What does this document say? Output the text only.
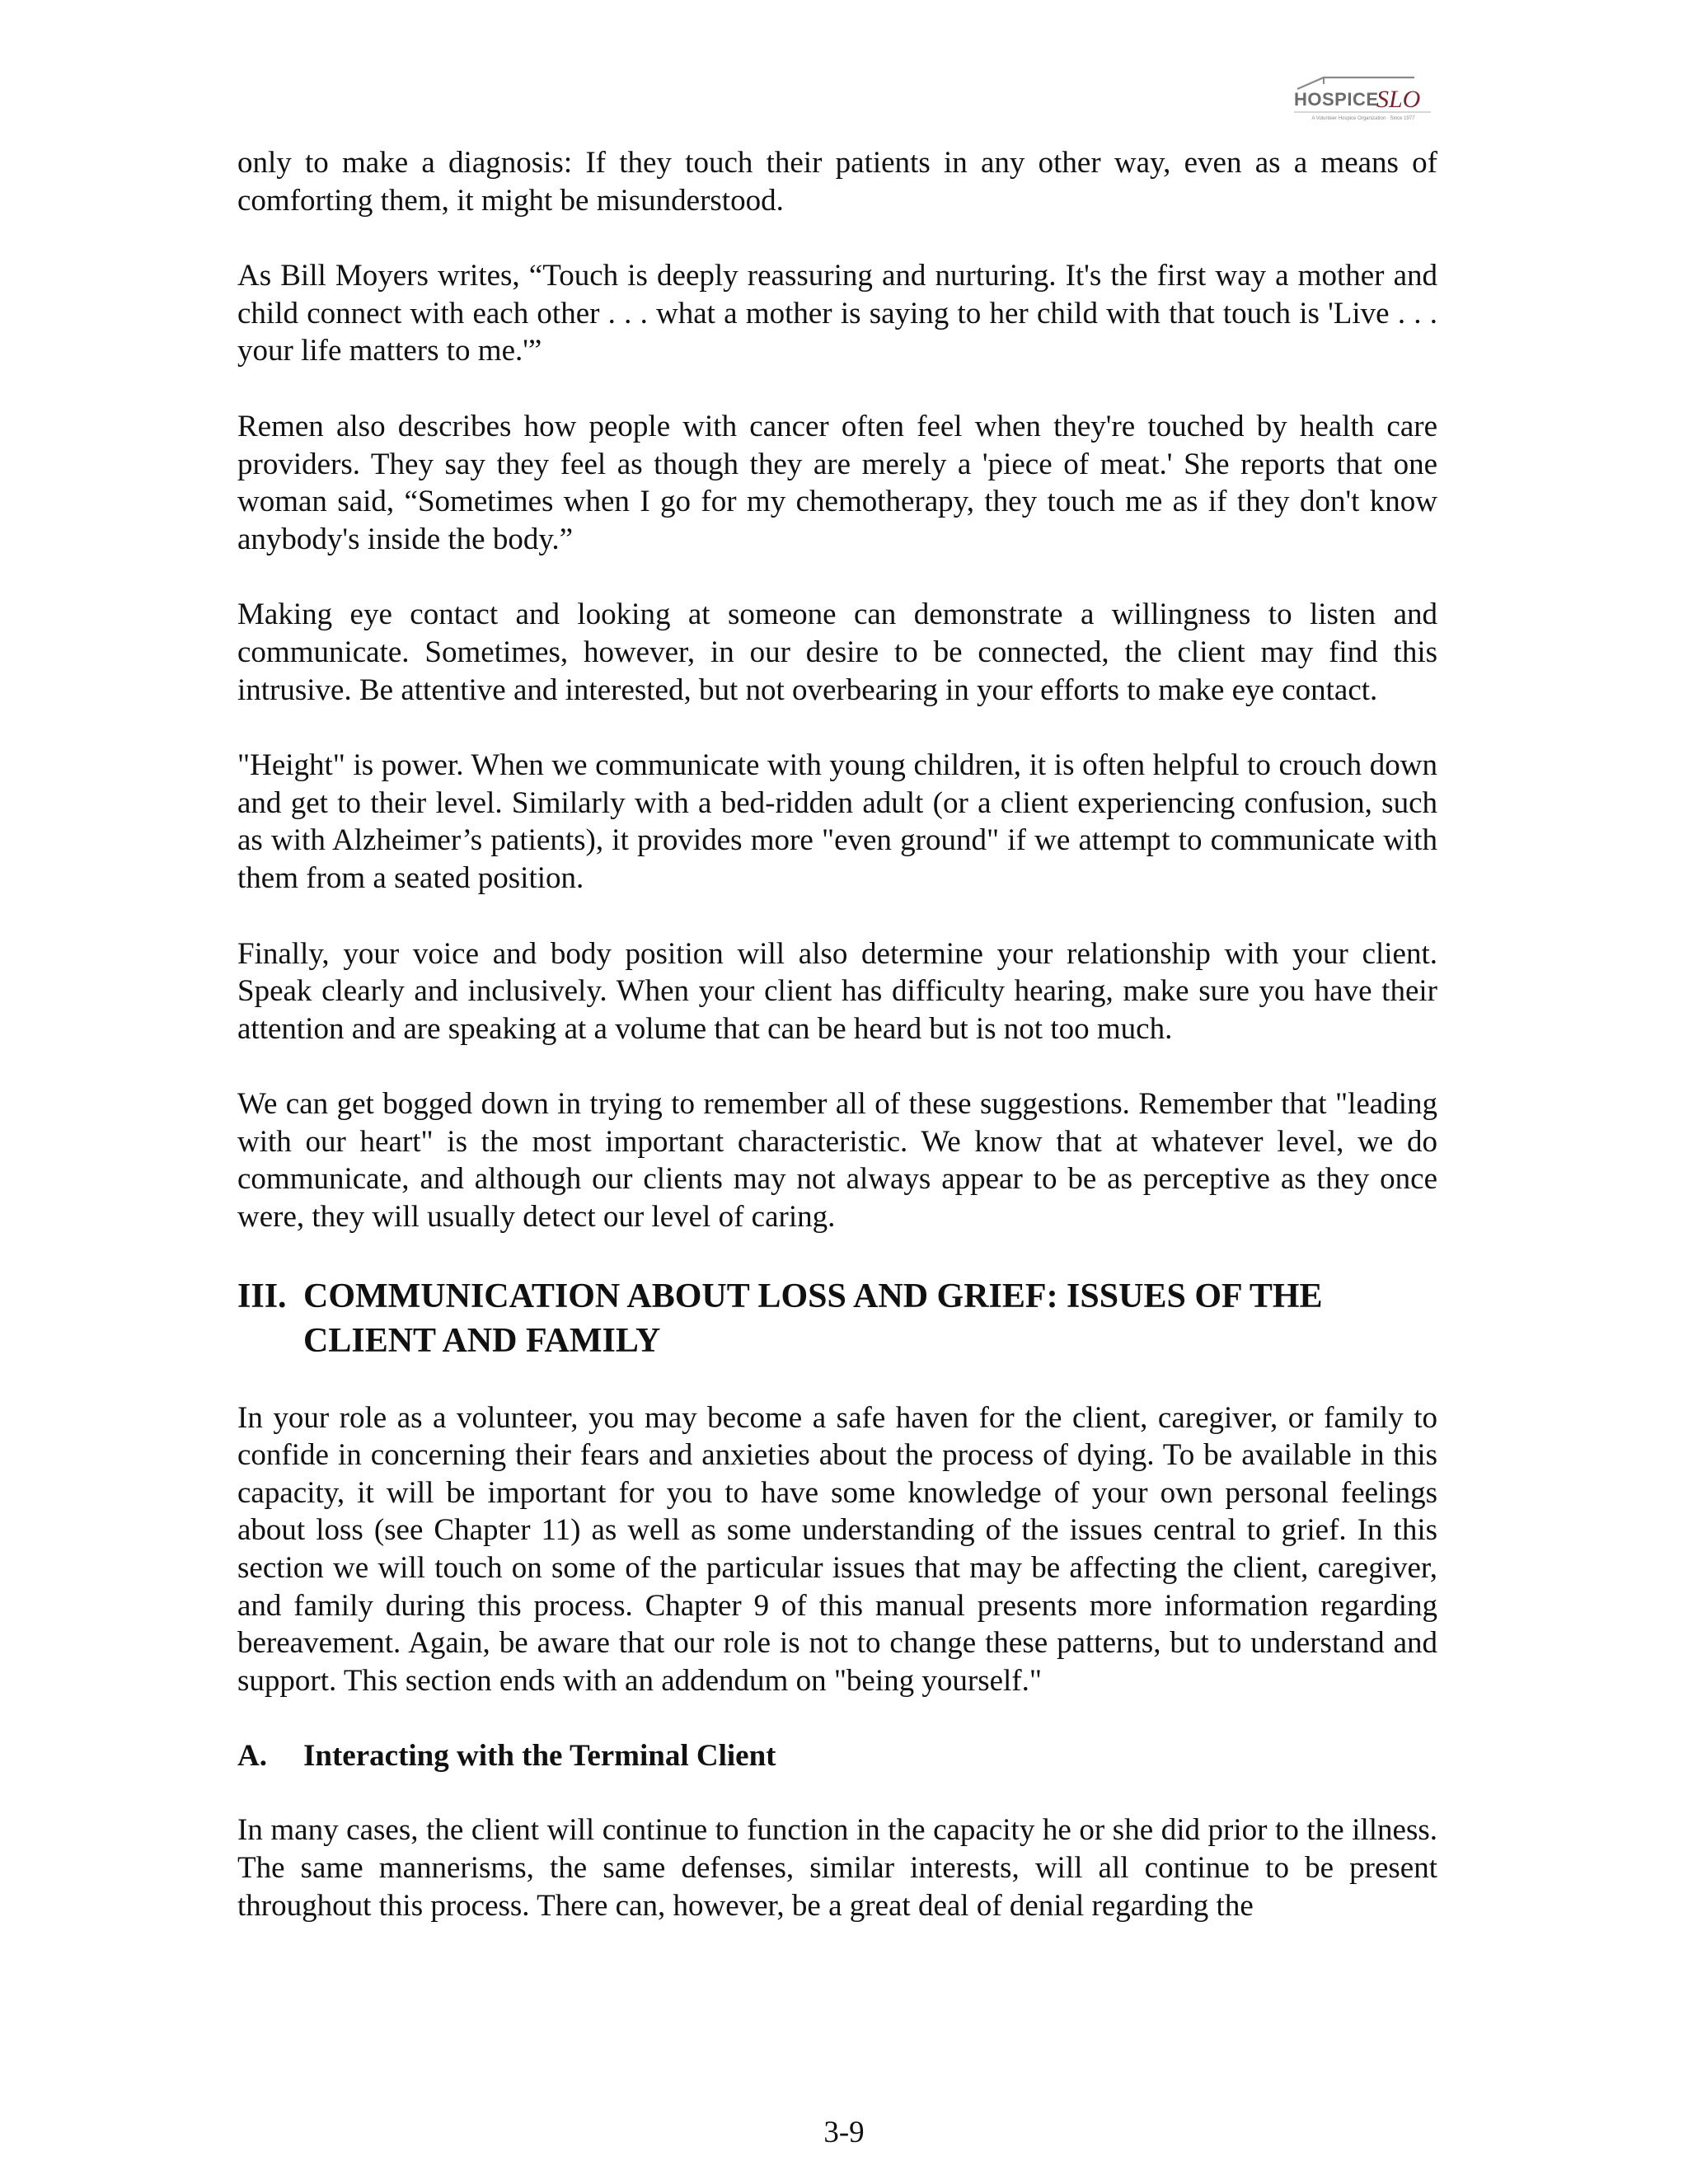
HOSPICE
SLO
A Volunteer Hospice Organization · Since 1977

only to make a diagnosis: If they touch their patients in any other way, even as a means of comforting them, it might be misunderstood.

As Bill Moyers writes, “Touch is deeply reassuring and nurturing. It's the first way a mother and child connect with each other . . . what a mother is saying to her child with that touch is 'Live . . . your life matters to me.'”

Remen also describes how people with cancer often feel when they're touched by health care providers. They say they feel as though they are merely a 'piece of meat.' She reports that one woman said, “Sometimes when I go for my chemotherapy, they touch me as if they don't know anybody's inside the body.”

Making eye contact and looking at someone can demonstrate a willingness to listen and communicate. Sometimes, however, in our desire to be connected, the client may find this intrusive. Be attentive and interested, but not overbearing in your efforts to make eye contact.

"Height" is power. When we communicate with young children, it is often helpful to crouch down and get to their level. Similarly with a bed-ridden adult (or a client experiencing confusion, such as with Alzheimer’s patients), it provides more "even ground" if we attempt to communicate with them from a seated position.

Finally, your voice and body position will also determine your relationship with your client. Speak clearly and inclusively. When your client has difficulty hearing, make sure you have their attention and are speaking at a volume that can be heard but is not too much.

We can get bogged down in trying to remember all of these suggestions. Remember that "leading with our heart" is the most important characteristic. We know that at whatever level, we do communicate, and although our clients may not always appear to be as perceptive as they once were, they will usually detect our level of caring.

III. COMMUNICATION ABOUT LOSS AND GRIEF: ISSUES OF THE CLIENT AND FAMILY

In your role as a volunteer, you may become a safe haven for the client, caregiver, or family to confide in concerning their fears and anxieties about the process of dying. To be available in this capacity, it will be important for you to have some knowledge of your own personal feelings about loss (see Chapter 11) as well as some understanding of the issues central to grief. In this section we will touch on some of the particular issues that may be affecting the client, caregiver, and family during this process. Chapter 9 of this manual presents more information regarding bereavement. Again, be aware that our role is not to change these patterns, but to understand and support. This section ends with an addendum on "being yourself."

A.	Interacting with the Terminal Client

In many cases, the client will continue to function in the capacity he or she did prior to the illness. The same mannerisms, the same defenses, similar interests, will all continue to be present throughout this process. There can, however, be a great deal of denial regarding the

3-9
